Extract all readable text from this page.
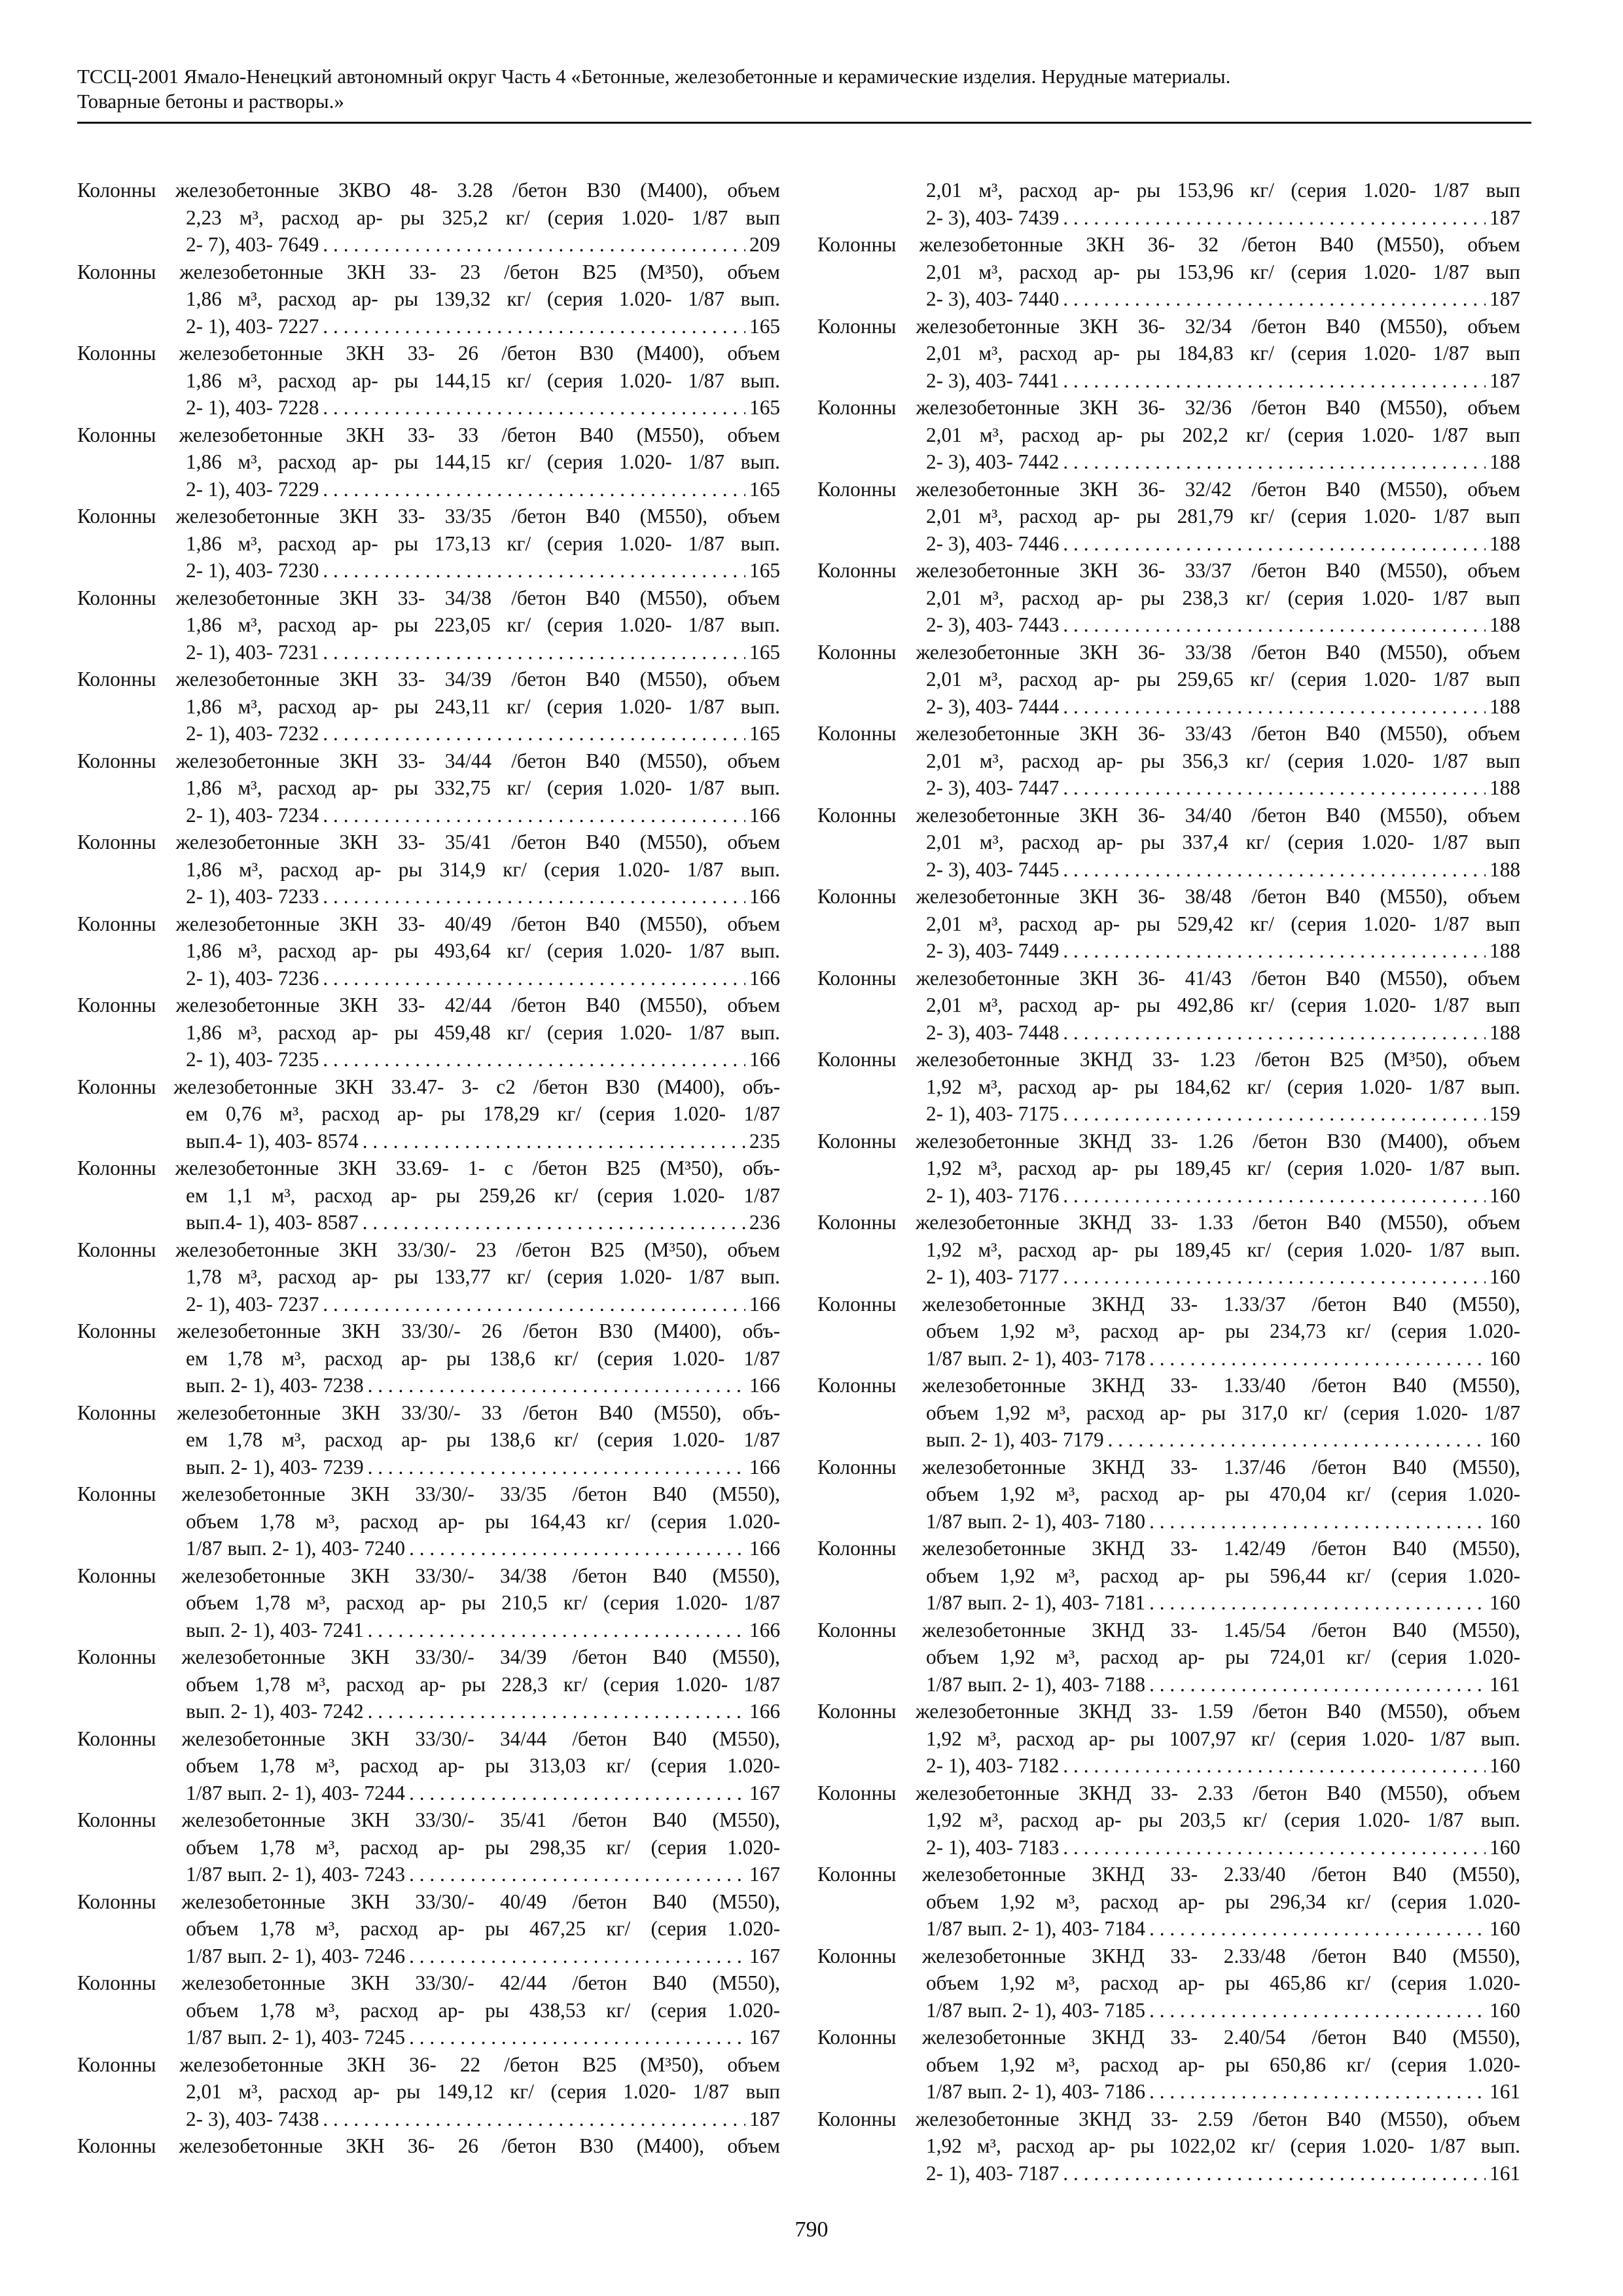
ТССЦ-2001 Ямало-Ненецкий автономный округ Часть 4 «Бетонные, железобетонные и керамические изделия. Нерудные материалы.
Товарные бетоны и растворы.»
Колонны железобетонные 3КВО 48- 3.28 /бетон В30 (М400), объем
2,23 м³, расход ар- ры 325,2 кг/ (серия 1.020- 1/87 вып
2- 7), 403- 7649 . . .	209
Колонны железобетонные 3КН 33- 23 /бетон В25 (М³50), объем
1,86 м³, расход ар- ры 139,32 кг/ (серия 1.020- 1/87 вып.
2- 1), 403- 7227 . . .	165
Колонны железобетонные 3КН 33- 26 /бетон В30 (М400), объем
1,86 м³, расход ар- ры 144,15 кг/ (серия 1.020- 1/87 вып.
2- 1), 403- 7228 . . .	165
Колонны железобетонные 3КН 33- 33 /бетон В40 (М550), объем
1,86 м³, расход ар- ры 144,15 кг/ (серия 1.020- 1/87 вып.
2- 1), 403- 7229 . . .	165
Колонны железобетонные 3КН 33- 33/35 /бетон В40 (М550), объем
1,86 м³, расход ар- ры 173,13 кг/ (серия 1.020- 1/87 вып.
2- 1), 403- 7230 . . .	165
Колонны железобетонные 3КН 33- 34/38 /бетон В40 (М550), объем
1,86 м³, расход ар- ры 223,05 кг/ (серия 1.020- 1/87 вып.
2- 1), 403- 7231 . . .	165
Колонны железобетонные 3КН 33- 34/39 /бетон В40 (М550), объем
1,86 м³, расход ар- ры 243,11 кг/ (серия 1.020- 1/87 вып.
2- 1), 403- 7232 . . .	165
Колонны железобетонные 3КН 33- 34/44 /бетон В40 (М550), объем
1,86 м³, расход ар- ры 332,75 кг/ (серия 1.020- 1/87 вып.
2- 1), 403- 7234 . . .	166
Колонны железобетонные 3КН 33- 35/41 /бетон В40 (М550), объем
1,86 м³, расход ар- ры 314,9 кг/ (серия 1.020- 1/87 вып.
2- 1), 403- 7233 . . .	166
Колонны железобетонные 3КН 33- 40/49 /бетон В40 (М550), объем
1,86 м³, расход ар- ры 493,64 кг/ (серия 1.020- 1/87 вып.
2- 1), 403- 7236 . . .	166
Колонны железобетонные 3КН 33- 42/44 /бетон В40 (М550), объем
1,86 м³, расход ар- ры 459,48 кг/ (серия 1.020- 1/87 вып.
2- 1), 403- 7235 . . .	166
Колонны железобетонные 3КН 33.47- 3- с2 /бетон В30 (М400), объ-
ем 0,76 м³, расход ар- ры 178,29 кг/ (серия 1.020- 1/87
вып.4- 1), 403- 8574 . . .	235
Колонны железобетонные 3КН 33.69- 1- с /бетон В25 (М³50), объ-
ем 1,1 м³, расход ар- ры 259,26 кг/ (серия 1.020- 1/87
вып.4- 1), 403- 8587 . . .	236
Колонны железобетонные 3КН 33/30/- 23 /бетон В25 (М³50), объем
1,78 м³, расход ар- ры 133,77 кг/ (серия 1.020- 1/87 вып.
2- 1), 403- 7237 . . .	166
Колонны железобетонные 3КН 33/30/- 26 /бетон В30 (М400), объ-
ем 1,78 м³, расход ар- ры 138,6 кг/ (серия 1.020- 1/87
вып. 2- 1), 403- 7238 . . .	166
Колонны железобетонные 3КН 33/30/- 33 /бетон В40 (М550), объ-
ем 1,78 м³, расход ар- ры 138,6 кг/ (серия 1.020- 1/87
вып. 2- 1), 403- 7239 . . .	166
Колонны железобетонные 3КН 33/30/- 33/35 /бетон В40 (М550),
объем 1,78 м³, расход ар- ры 164,43 кг/ (серия 1.020-
1/87 вып. 2- 1), 403- 7240 . . .	166
Колонны железобетонные 3КН 33/30/- 34/38 /бетон В40 (М550),
объем 1,78 м³, расход ар- ры 210,5 кг/ (серия 1.020- 1/87
вып. 2- 1), 403- 7241 . . .	166
Колонны железобетонные 3КН 33/30/- 34/39 /бетон В40 (М550),
объем 1,78 м³, расход ар- ры 228,3 кг/ (серия 1.020- 1/87
вып. 2- 1), 403- 7242 . . .	166
Колонны железобетонные 3КН 33/30/- 34/44 /бетон В40 (М550),
объем 1,78 м³, расход ар- ры 313,03 кг/ (серия 1.020-
1/87 вып. 2- 1), 403- 7244 . . .	167
Колонны железобетонные 3КН 33/30/- 35/41 /бетон В40 (М550),
объем 1,78 м³, расход ар- ры 298,35 кг/ (серия 1.020-
1/87 вып. 2- 1), 403- 7243 . . .	167
Колонны железобетонные 3КН 33/30/- 40/49 /бетон В40 (М550),
объем 1,78 м³, расход ар- ры 467,25 кг/ (серия 1.020-
1/87 вып. 2- 1), 403- 7246 . . .	167
Колонны железобетонные 3КН 33/30/- 42/44 /бетон В40 (М550),
объем 1,78 м³, расход ар- ры 438,53 кг/ (серия 1.020-
1/87 вып. 2- 1), 403- 7245 . . .	167
Колонны железобетонные 3КН 36- 22 /бетон В25 (М³50), объем
2,01 м³, расход ар- ры 149,12 кг/ (серия 1.020- 1/87 вып
2- 3), 403- 7438 . . .	187
Колонны железобетонные 3КН 36- 26 /бетон В30 (М400), объем
2,01 м³, расход ар- ры 153,96 кг/ (серия 1.020- 1/87 вып
2- 3), 403- 7439 . . .	187
Колонны железобетонные 3КН 36- 32 /бетон В40 (М550), объем
2,01 м³, расход ар- ры 153,96 кг/ (серия 1.020- 1/87 вып
2- 3), 403- 7440 . . .	187
Колонны железобетонные 3КН 36- 32/34 /бетон В40 (М550), объем
2,01 м³, расход ар- ры 184,83 кг/ (серия 1.020- 1/87 вып
2- 3), 403- 7441 . . .	187
Колонны железобетонные 3КН 36- 32/36 /бетон В40 (М550), объем
2,01 м³, расход ар- ры 202,2 кг/ (серия 1.020- 1/87 вып
2- 3), 403- 7442 . . .	188
Колонны железобетонные 3КН 36- 32/42 /бетон В40 (М550), объем
2,01 м³, расход ар- ры 281,79 кг/ (серия 1.020- 1/87 вып
2- 3), 403- 7446 . . .	188
Колонны железобетонные 3КН 36- 33/37 /бетон В40 (М550), объем
2,01 м³, расход ар- ры 238,3 кг/ (серия 1.020- 1/87 вып
2- 3), 403- 7443 . . .	188
Колонны железобетонные 3КН 36- 33/38 /бетон В40 (М550), объем
2,01 м³, расход ар- ры 259,65 кг/ (серия 1.020- 1/87 вып
2- 3), 403- 7444 . . .	188
Колонны железобетонные 3КН 36- 33/43 /бетон В40 (М550), объем
2,01 м³, расход ар- ры 356,3 кг/ (серия 1.020- 1/87 вып
2- 3), 403- 7447 . . .	188
Колонны железобетонные 3КН 36- 34/40 /бетон В40 (М550), объем
2,01 м³, расход ар- ры 337,4 кг/ (серия 1.020- 1/87 вып
2- 3), 403- 7445 . . .	188
Колонны железобетонные 3КН 36- 38/48 /бетон В40 (М550), объем
2,01 м³, расход ар- ры 529,42 кг/ (серия 1.020- 1/87 вып
2- 3), 403- 7449 . . .	188
Колонны железобетонные 3КН 36- 41/43 /бетон В40 (М550), объем
2,01 м³, расход ар- ры 492,86 кг/ (серия 1.020- 1/87 вып
2- 3), 403- 7448 . . .	188
Колонны железобетонные 3КНД 33- 1.23 /бетон В25 (М³50), объем
1,92 м³, расход ар- ры 184,62 кг/ (серия 1.020- 1/87 вып.
2- 1), 403- 7175 . . .	159
Колонны железобетонные 3КНД 33- 1.26 /бетон В30 (М400), объем
1,92 м³, расход ар- ры 189,45 кг/ (серия 1.020- 1/87 вып.
2- 1), 403- 7176 . . .	160
Колонны железобетонные 3КНД 33- 1.33 /бетон В40 (М550), объем
1,92 м³, расход ар- ры 189,45 кг/ (серия 1.020- 1/87 вып.
2- 1), 403- 7177 . . .	160
Колонны железобетонные 3КНД 33- 1.33/37 /бетон В40 (М550),
объем 1,92 м³, расход ар- ры 234,73 кг/ (серия 1.020-
1/87 вып. 2- 1), 403- 7178 . . .	160
Колонны железобетонные 3КНД 33- 1.33/40 /бетон В40 (М550),
объем 1,92 м³, расход ар- ры 317,0 кг/ (серия 1.020- 1/87
вып. 2- 1), 403- 7179 . . .	160
Колонны железобетонные 3КНД 33- 1.37/46 /бетон В40 (М550),
объем 1,92 м³, расход ар- ры 470,04 кг/ (серия 1.020-
1/87 вып. 2- 1), 403- 7180 . . .	160
Колонны железобетонные 3КНД 33- 1.42/49 /бетон В40 (М550),
объем 1,92 м³, расход ар- ры 596,44 кг/ (серия 1.020-
1/87 вып. 2- 1), 403- 7181 . . .	160
Колонны железобетонные 3КНД 33- 1.45/54 /бетон В40 (М550),
объем 1,92 м³, расход ар- ры 724,01 кг/ (серия 1.020-
1/87 вып. 2- 1), 403- 7188 . . .	161
Колонны железобетонные 3КНД 33- 1.59 /бетон В40 (М550), объем
1,92 м³, расход ар- ры 1007,97 кг/ (серия 1.020- 1/87 вып.
2- 1), 403- 7182 . . .	160
Колонны железобетонные 3КНД 33- 2.33 /бетон В40 (М550), объем
1,92 м³, расход ар- ры 203,5 кг/ (серия 1.020- 1/87 вып.
2- 1), 403- 7183 . . .	160
Колонны железобетонные 3КНД 33- 2.33/40 /бетон В40 (М550),
объем 1,92 м³, расход ар- ры 296,34 кг/ (серия 1.020-
1/87 вып. 2- 1), 403- 7184 . . .	160
Колонны железобетонные 3КНД 33- 2.33/48 /бетон В40 (М550),
объем 1,92 м³, расход ар- ры 465,86 кг/ (серия 1.020-
1/87 вып. 2- 1), 403- 7185 . . .	160
Колонны железобетонные 3КНД 33- 2.40/54 /бетон В40 (М550),
объем 1,92 м³, расход ар- ры 650,86 кг/ (серия 1.020-
1/87 вып. 2- 1), 403- 7186 . . .	161
Колонны железобетонные 3КНД 33- 2.59 /бетон В40 (М550), объем
1,92 м³, расход ар- ры 1022,02 кг/ (серия 1.020- 1/87 вып.
2- 1), 403- 7187 . . .	161
790
